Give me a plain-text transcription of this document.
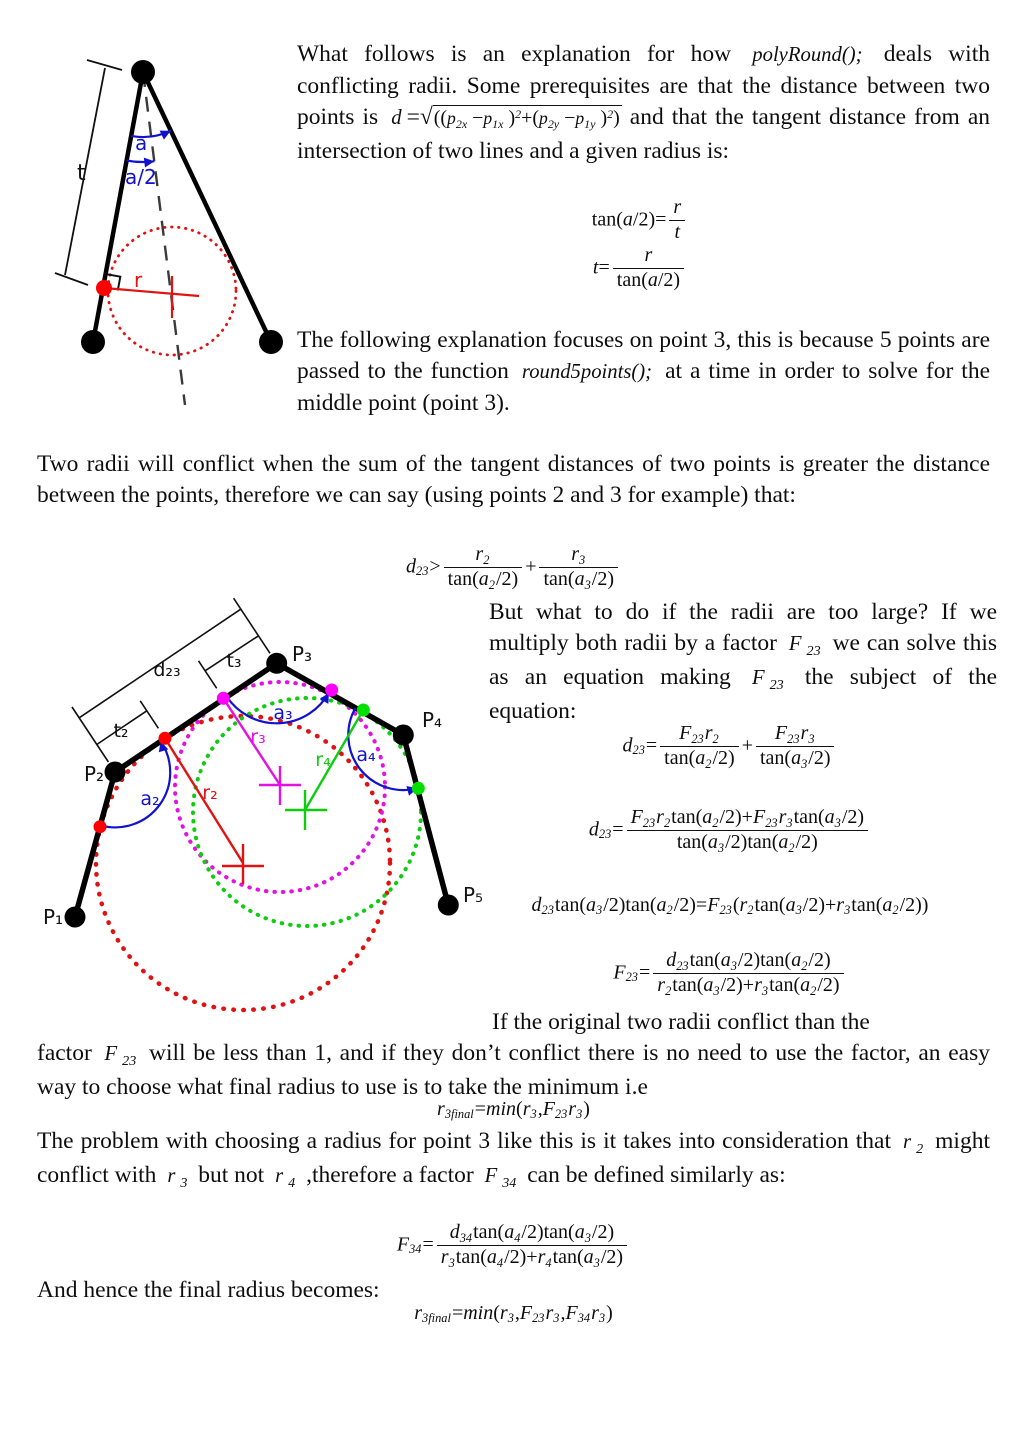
t
a
a/2
r
What follows is an explanation for how polyRound(); deals with conflicting radii. Some prerequisites are that the distance between two points is d =√((p2x −p1x )$^2$+(p2y −p1y )$^2$) and that the tangent distance from an intersection of two lines and a given radius is:
$\tan(a/2)= \frac{r}{t}$
$t= \frac{r}{\tan(a/2)}$
The following explanation focuses on point 3, this is because 5 points are passed to the function round5points(); at a time in order to solve for the middle point (point 3).
Two radii will conflict when the sum of the tangent distances of two points is greater the distance between the points, therefore we can say (using points 2 and 3 for example) that:
$d_{23}> \frac{r2}{\tan(a2/2)} + \frac{r3}{\tan(a3/2)}$
P₁
P₂
P₃
P₄
P₅
d₂₃
t₂
t₃
a₂
a₃
a₄
r₂
r₃
r₄
But what to do if the radii are too large? If we multiply both radii by a factor F 23 we can solve this as an equation making F 23 the subject of the equation:
$d_{23}= \frac{F23r2}{\tan(a2/2)} + \frac{F23r3}{\tan(a3/2)}$
$d_{23}= \frac{F23r2\tan(a2/2)+F23r3\tan(a3/2)}{\tan(a3/2)\tan(a2/2)}$
$d_{23}\tan(a_3/2)\tan(a_2/2)=F_{23}(r_2\tan(a_3/2)+r_3\tan(a_2/2))$
$F_{23}= \frac{d23\tan(a3/2)\tan(a2/2)}{r2\tan(a3/2)+r3\tan(a2/2)}$
If the original two radii conflict than the
factor F 23 will be less than 1, and if they don’t conflict there is no need to use the factor, an easy way to choose what final radius to use is to take the minimum i.e
$r_{3final}=\min(r_3,F_{23}r_3)$
The problem with choosing a radius for point 3 like this is it takes into consideration that r 2 might conflict with r 3 but not r 4 ,therefore a factor F 34 can be defined similarly as:
$F_{34}= \frac{d34\tan(a4/2)\tan(a3/2)}{r3\tan(a4/2)+r4\tan(a3/2)}$
And hence the final radius becomes:
$r_{3final}=\min(r_3,F_{23}r_3,F_{34}r_3)$
